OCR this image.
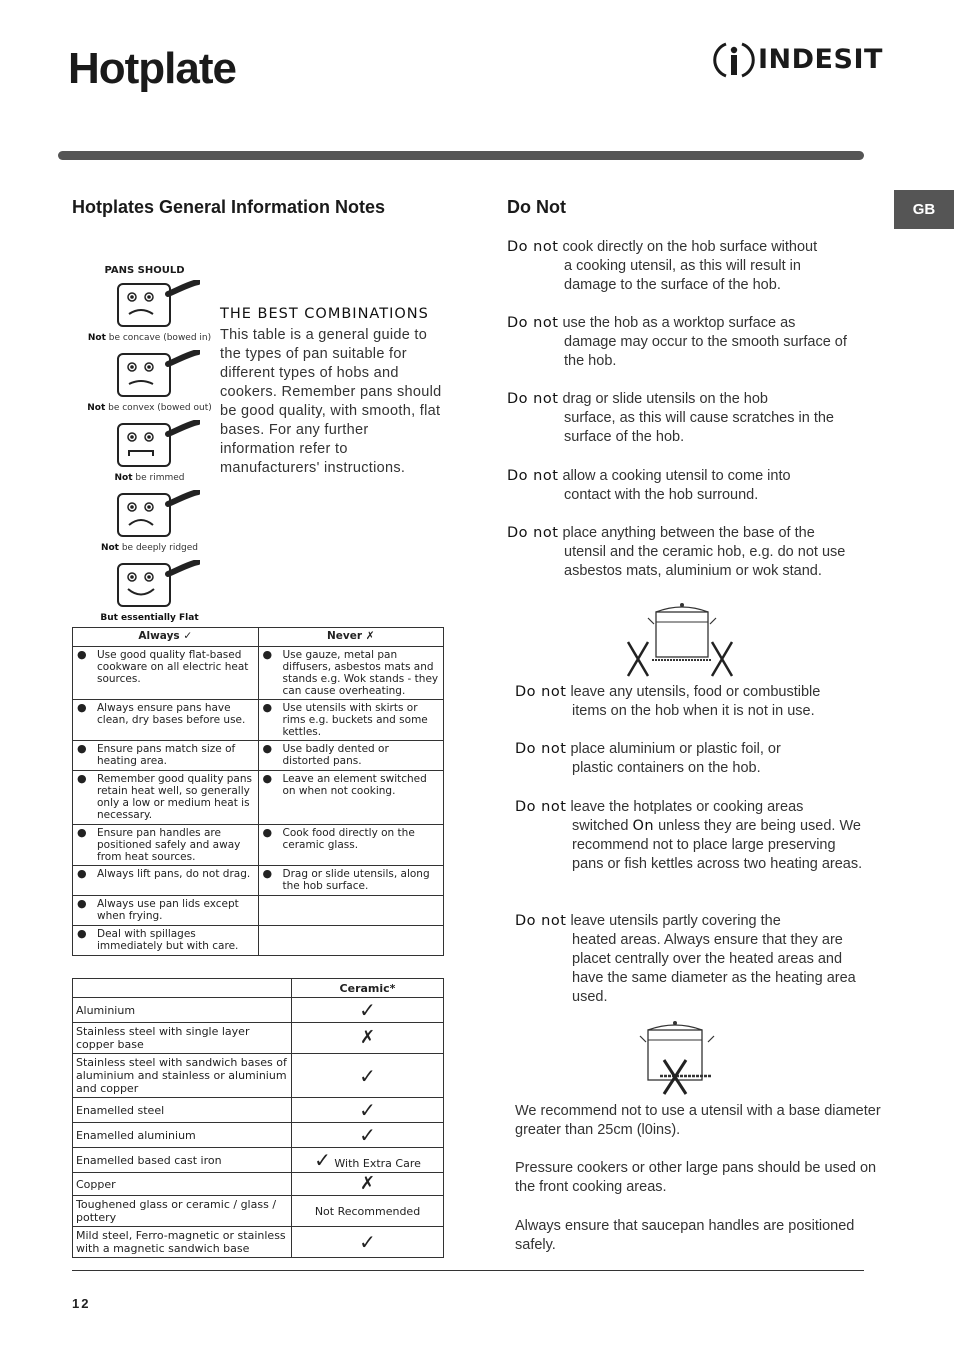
Hotplate	INDESIT
GB
Hotplates General Information Notes
PANS SHOULD
Not be concave (bowed in)
Not be convex (bowed out)
Not be rimmed
Not be deeply ridged
But essentially Flat
THE BEST COMBINATIONS
This table is a general guide to the types of pan suitable for different types of hobs and cookers. Remember pans should be good quality, with smooth, flat bases. For any further information refer to manufacturers' instructions.
Always ✓	Never ✗

● Use good quality flat-based cookware on all electric heat sources.	● Use gauze, metal pan diffusers, asbestos mats and stands e.g. Wok stands - they can cause overheating.

● Always ensure pans have clean, dry bases before use.	● Use utensils with skirts or rims e.g. buckets and some kettles.

● Ensure pans match size of heating area.	● Use badly dented or distorted pans.

● Remember good quality pans retain heat well, so generally only a low or medium heat is necessary.	● Leave an element switched on when not cooking.

● Ensure pan handles are positioned safely and away from heat sources.	● Cook food directly on the ceramic glass.

● Always lift pans, do not drag.	● Drag or slide utensils, along the hob surface.

● Always use pan lids except when frying.	

● Deal with spillages immediately but with care.	

	Ceramic*
Aluminium	✓
Stainless steel with single layer copper base	✗
Stainless steel with sandwich bases of aluminium and stainless or aluminium and copper	✓
Enamelled steel	✓
Enamelled aluminium	✓
Enamelled based cast iron	✓ With Extra Care
Copper	✗
Toughened glass or ceramic / glass / pottery	Not Recommended
Mild steel, Ferro-magnetic or stainless with a magnetic sandwich base	✓
Do Not
Do not cook directly on the hob surface without
a cooking utensil, as this will result in damage to the surface of the hob.
Do not use the hob as a worktop surface as
damage may occur to the smooth surface of the hob.
Do not drag or slide utensils on the hob
surface, as this will cause scratches in the surface of the hob.
Do not allow a cooking utensil to come into
contact with the hob surround.
Do not place anything between the base of the
utensil and the ceramic hob, e.g. do not use asbestos mats, aluminium or wok stand.
Do not leave any utensils, food or combustible
items on the hob when it is not in use.
Do not place aluminium or plastic foil, or
plastic containers on the hob.
Do not leave the hotplates or cooking areas
switched On unless they are being used. We recommend not to place large preserving pans or fish kettles across two heating areas.
Do not leave utensils partly covering the
heated areas. Always ensure that they are placet centrally over the heated areas and have the same diameter as the heating area used.
We recommend not to use a utensil with a base diameter greater than 25cm (l0ins).
Pressure cookers or other large pans should be used on the front cooking areas.
Always ensure that saucepan handles are positioned safely.
12
